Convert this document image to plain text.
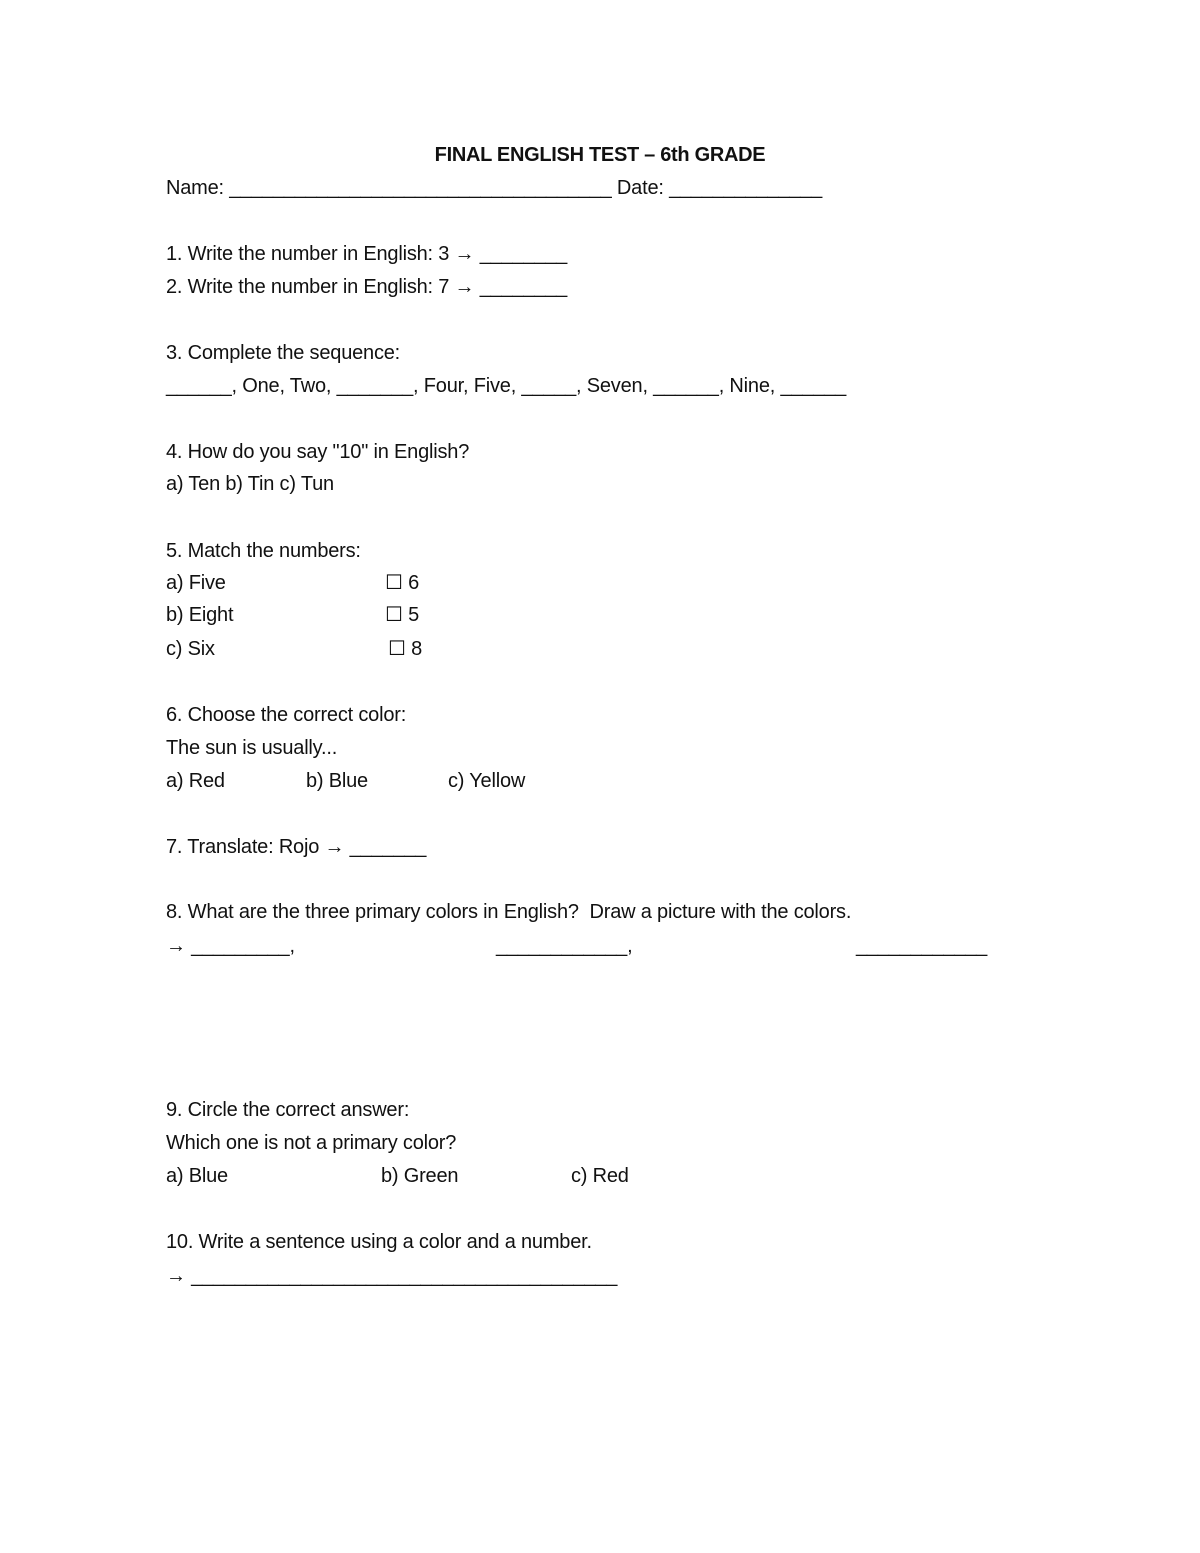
FINAL ENGLISH TEST – 6th GRADE
Name: ___________________________________ Date: ______________
1. Write the number in English: 3 → ________
2. Write the number in English: 7 → ________
3. Complete the sequence:
______, One, Two, _______, Four, Five, _____, Seven, ______, Nine, ______
4. How do you say "10" in English?
a) Ten b) Tin c) Tun
5. Match the numbers:
a) Five	☐ 6
b) Eight	☐ 5
c) Six	☐ 8
6. Choose the correct color:
The sun is usually...
a) Red	b) Blue	c) Yellow
7. Translate: Rojo → _______
8. What are the three primary colors in English?  Draw a picture with the colors.
→ _________,	____________,	____________
9. Circle the correct answer:
Which one is not a primary color?
a) Blue	b) Green	c) Red
10. Write a sentence using a color and a number.
→ _______________________________________
